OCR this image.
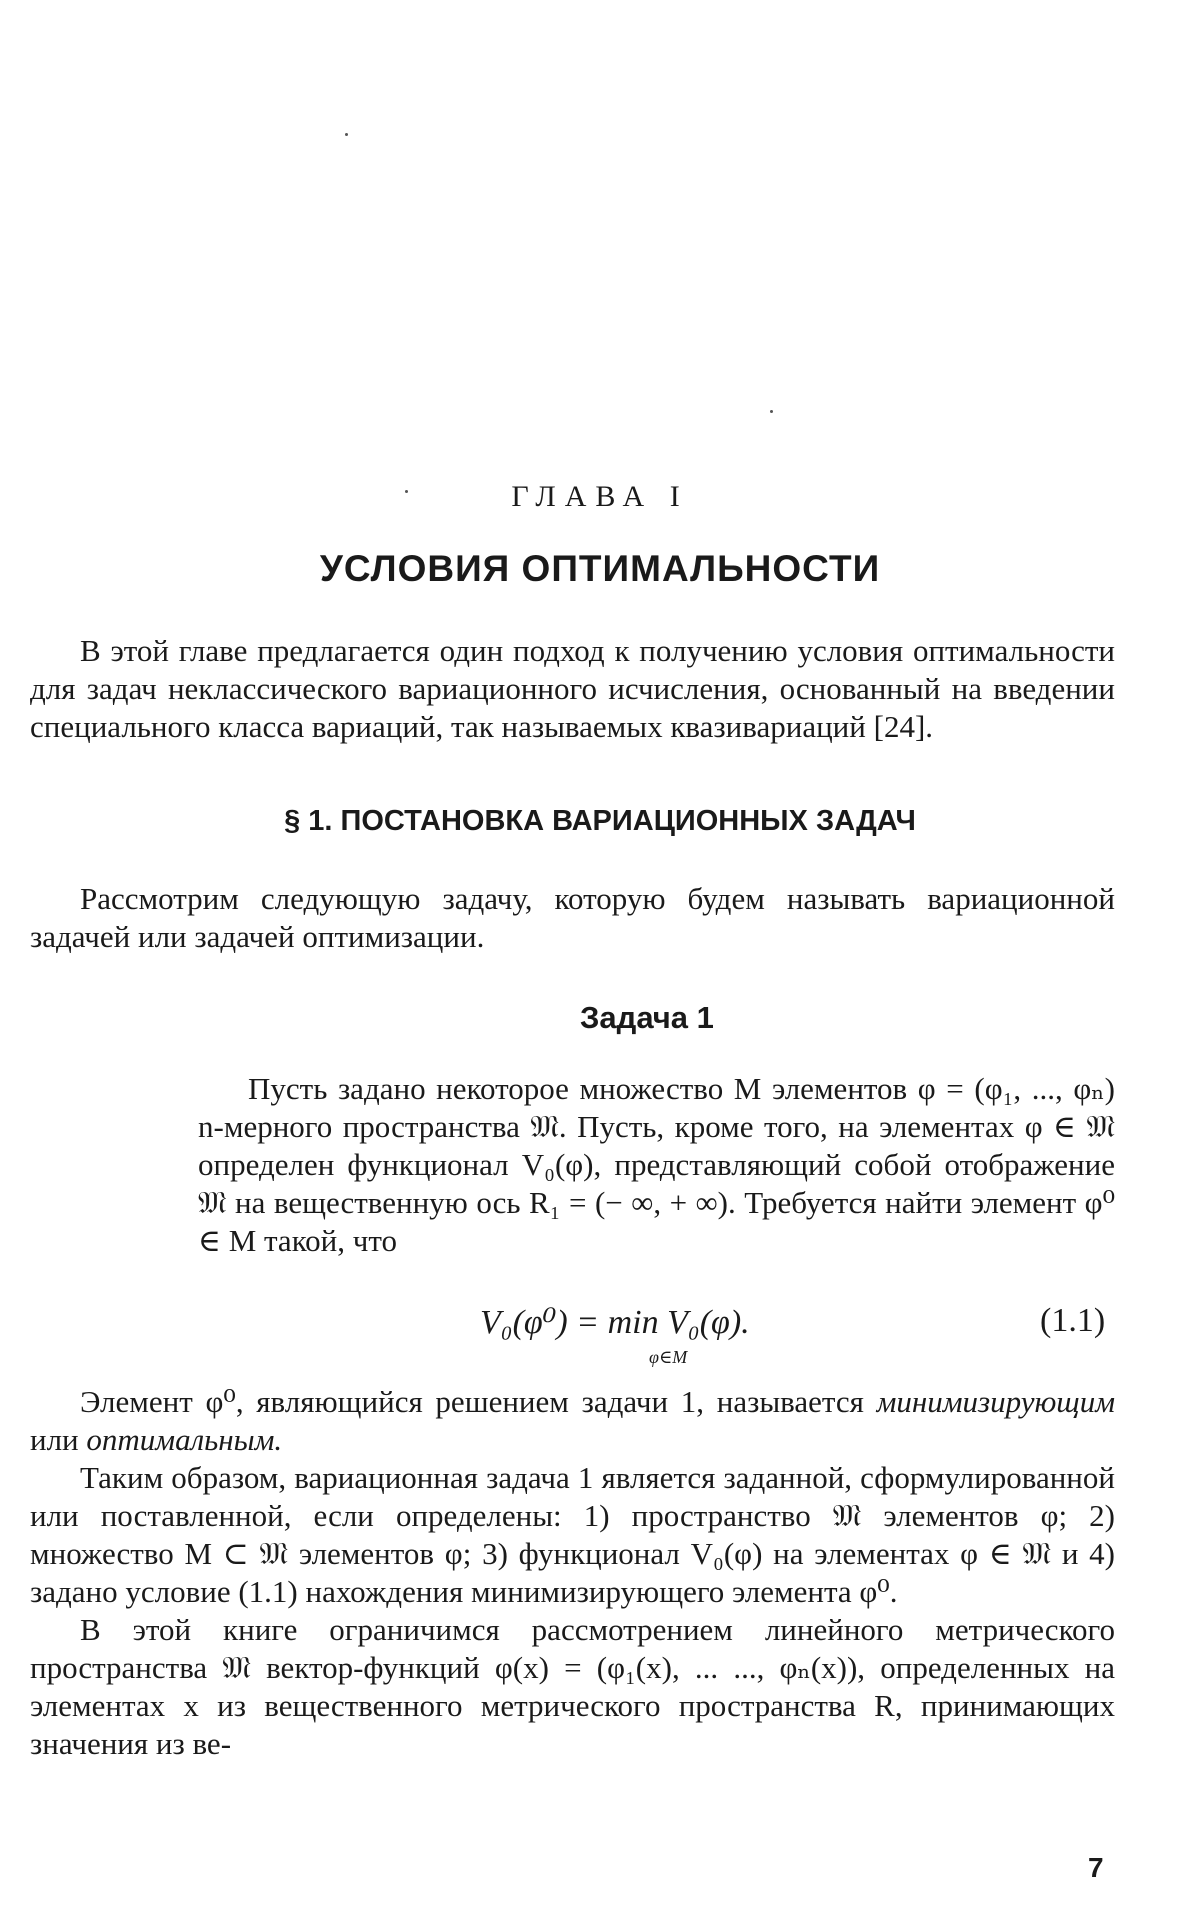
ГЛАВА I
УСЛОВИЯ ОПТИМАЛЬНОСТИ

В этой главе предлагается один подход к получению условия оптимальности для задач неклассического вариационного исчисления, основанный на введении специального класса вариаций, так называемых квазивариаций [24].

§ 1. ПОСТАНОВКА ВАРИАЦИОННЫХ ЗАДАЧ

Рассмотрим следующую задачу, которую будем называть вариационной задачей или задачей оптимизации.

Задача 1

Пусть задано некоторое множество M элементов φ = (φ₁, ..., φₙ) n-мерного пространства 𝔐. Пусть, кроме того, на элементах φ ∈ 𝔐 определен функционал V₀(φ), представляющий собой отображение 𝔐 на вещественную ось R₁ = (− ∞, + ∞). Требуется найти элемент φ⁰ ∈ M такой, что

V₀(φ⁰) = min V₀(φ).
φ∈M
(1.1)

Элемент φ⁰, являющийся решением задачи 1, называется минимизирующим или оптимальным.

Таким образом, вариационная задача 1 является заданной, сформулированной или поставленной, если определены: 1) пространство 𝔐 элементов φ; 2) множество M ⊂ 𝔐 элементов φ; 3) функционал V₀(φ) на элементах φ ∈ 𝔐 и 4) задано условие (1.1) нахождения минимизирующего элемента φ⁰.

В этой книге ограничимся рассмотрением линейного метрического пространства 𝔐 вектор-функций φ(x) = (φ₁(x), ... ..., φₙ(x)), определенных на элементах x из вещественного метрического пространства R, принимающих значения из ве-

7
